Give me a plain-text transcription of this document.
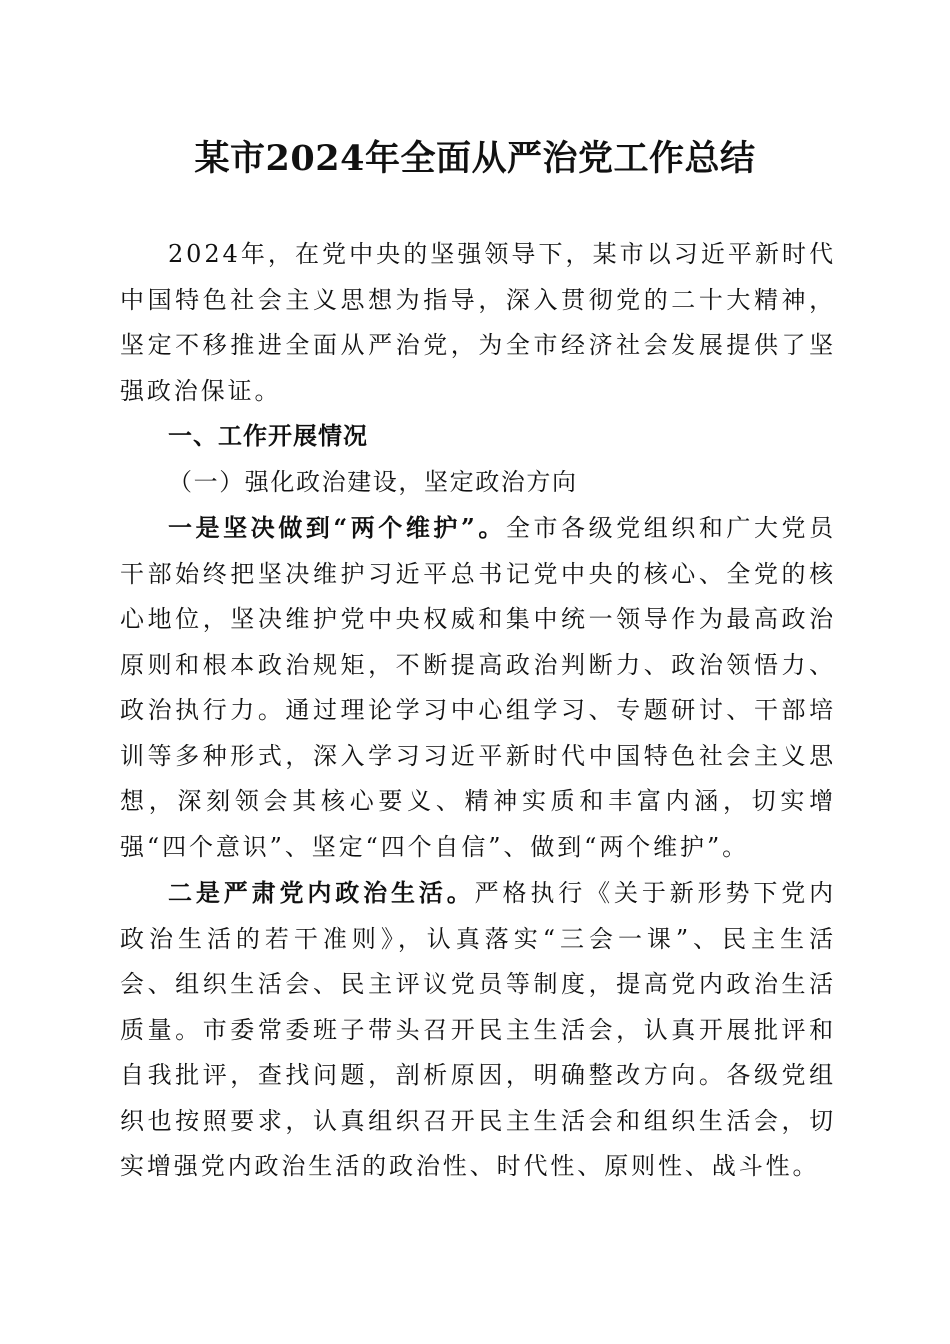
某市2024年全面从严治党工作总结

2024年，在党中央的坚强领导下，某市以习近平新时代中国特色社会主义思想为指导，深入贯彻党的二十大精神，坚定不移推进全面从严治党，为全市经济社会发展提供了坚强政治保证。

一、工作开展情况

（一）强化政治建设，坚定政治方向

一是坚决做到“两个维护”。全市各级党组织和广大党员干部始终把坚决维护习近平总书记党中央的核心、全党的核心地位，坚决维护党中央权威和集中统一领导作为最高政治原则和根本政治规矩，不断提高政治判断力、政治领悟力、政治执行力。通过理论学习中心组学习、专题研讨、干部培训等多种形式，深入学习习近平新时代中国特色社会主义思想，深刻领会其核心要义、精神实质和丰富内涵，切实增强“四个意识”、坚定“四个自信”、做到“两个维护”。

二是严肃党内政治生活。严格执行《关于新形势下党内政治生活的若干准则》，认真落实“三会一课”、民主生活会、组织生活会、民主评议党员等制度，提高党内政治生活质量。市委常委班子带头召开民主生活会，认真开展批评和自我批评，查找问题，剖析原因，明确整改方向。各级党组织也按照要求，认真组织召开民主生活会和组织生活会，切实增强党内政治生活的政治性、时代性、原则性、战斗性。
